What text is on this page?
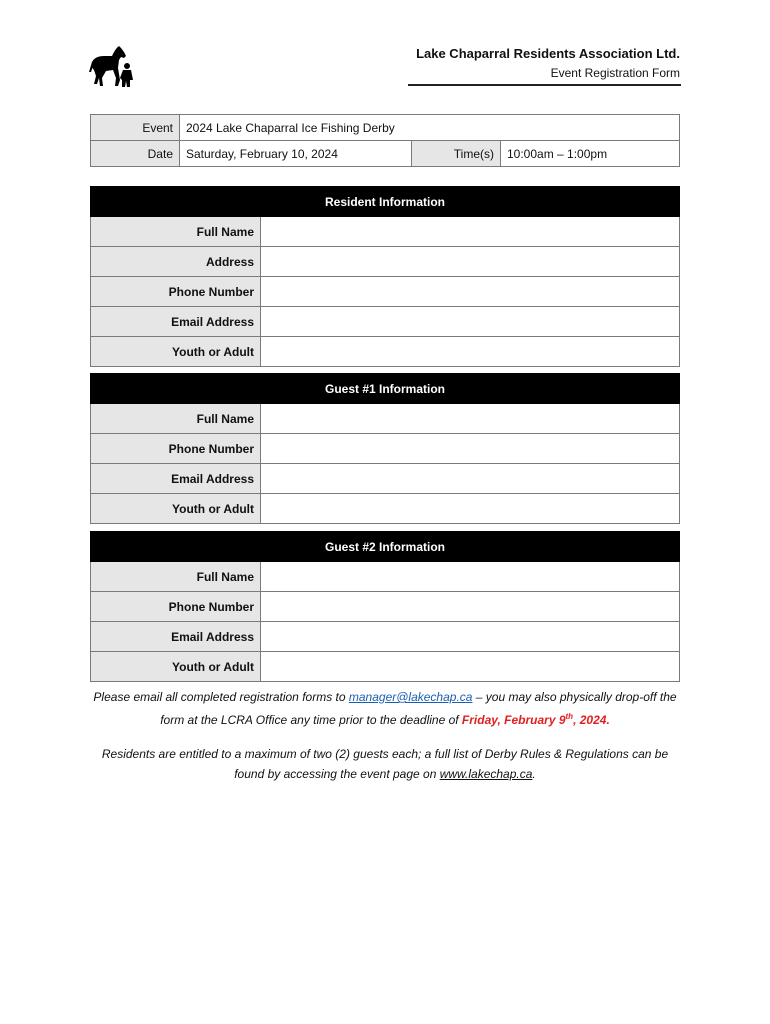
Lake Chaparral Residents Association Ltd.
Event Registration Form
Event	2024 Lake Chaparral Ice Fishing Derby		
Date	Saturday, February 10, 2024	Time(s)	10:00am – 1:00pm
Resident Information	
Full Name	
Address	
Phone Number	
Email Address	
Youth or Adult	
Guest #1 Information	
Full Name	
Phone Number	
Email Address	
Youth or Adult	
Guest #2 Information	
Full Name	
Phone Number	
Email Address	
Youth or Adult	

Please email all completed registration forms to manager@lakechap.ca – you may also physically drop-off the form at the LCRA Office any time prior to the deadline of Friday, February 9th, 2024.

Residents are entitled to a maximum of two (2) guests each; a full list of Derby Rules & Regulations can be found by accessing the event page on www.lakechap.ca.
